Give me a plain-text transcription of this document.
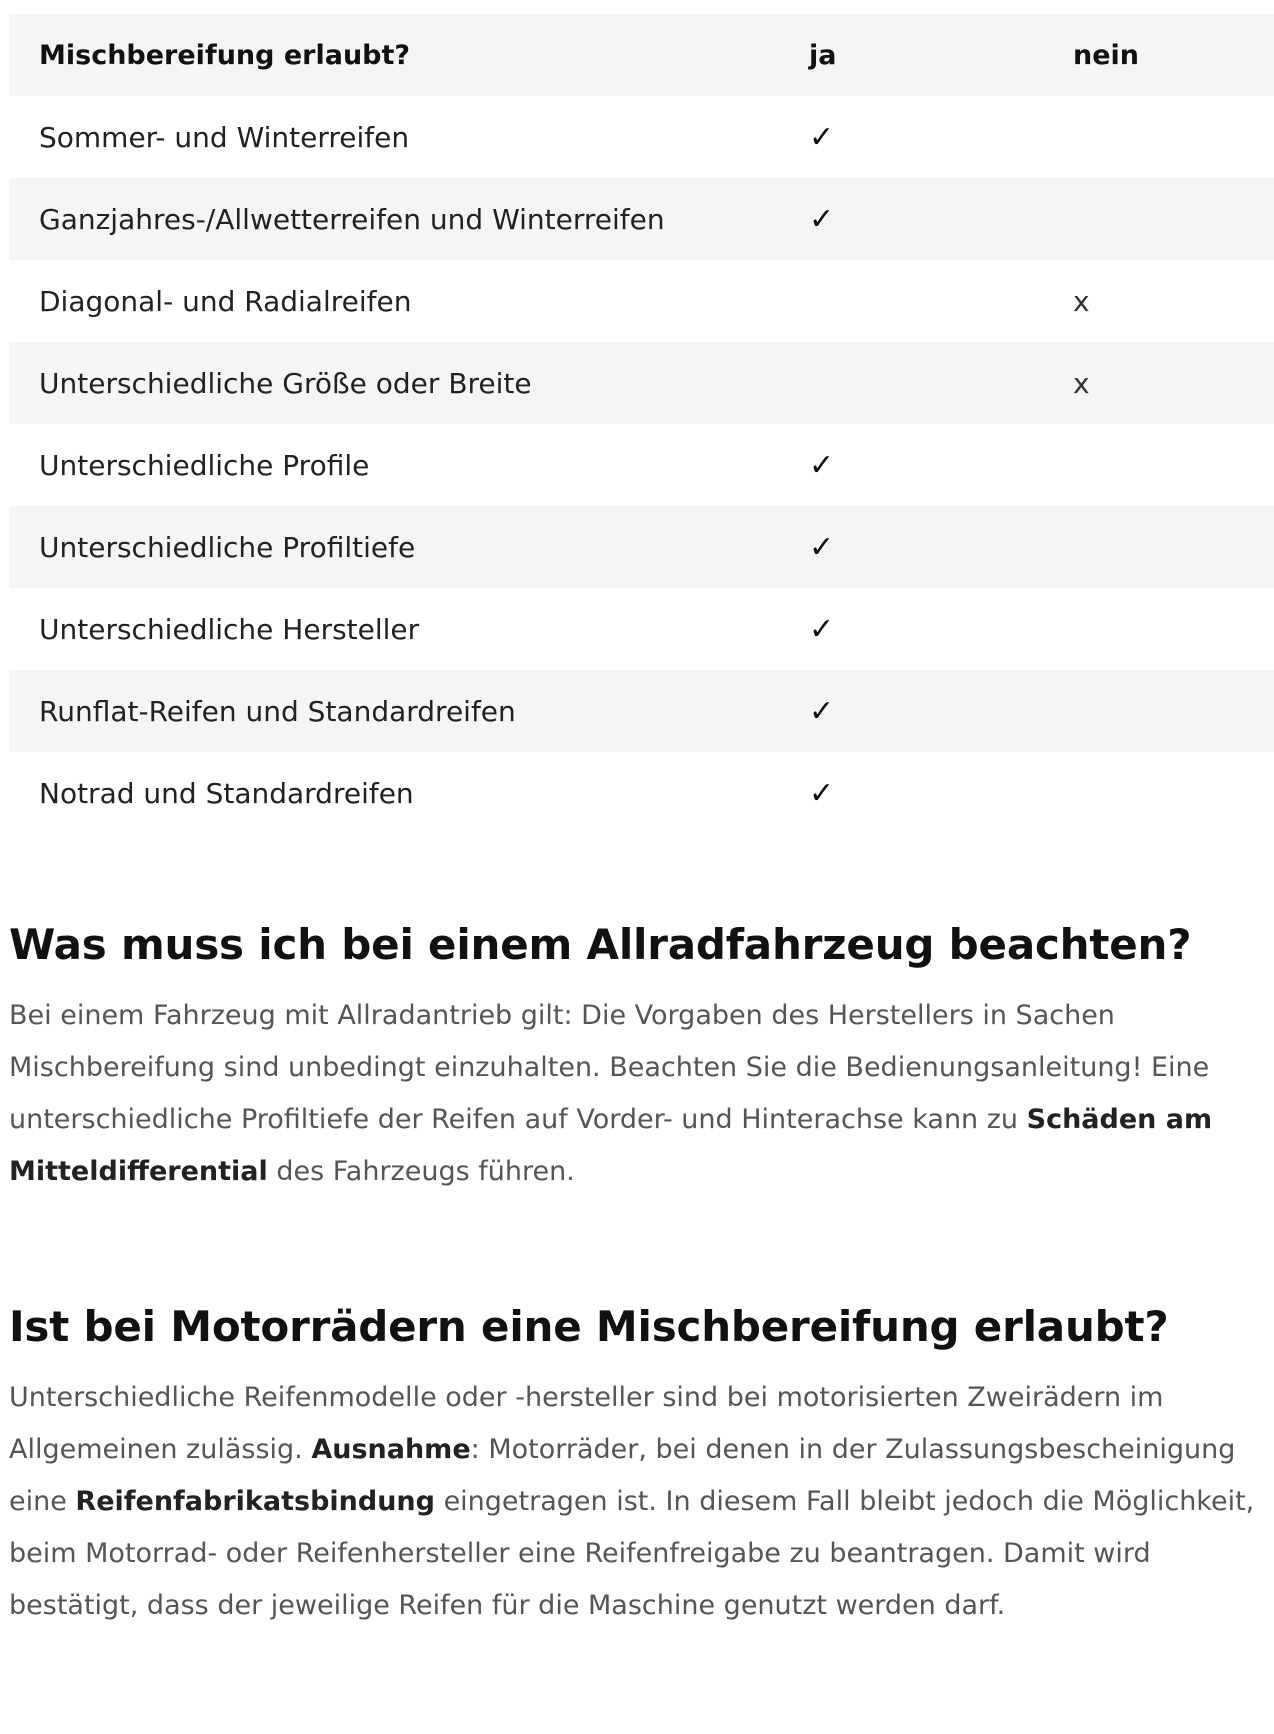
Mischbereifung erlaubt?	ja	nein
Sommer- und Winterreifen	✓	
Ganzjahres-/Allwetterreifen und Winterreifen	✓	
Diagonal- und Radialreifen		x
Unterschiedliche Größe oder Breite		x
Unterschiedliche Profile	✓	
Unterschiedliche Profiltiefe	✓	
Unterschiedliche Hersteller	✓	
Runflat-Reifen und Standardreifen	✓	
Notrad und Standardreifen	✓	
Was muss ich bei einem Allradfahrzeug beachten?

Bei einem Fahrzeug mit Allradantrieb gilt: Die Vorgaben des Herstellers in Sachen Mischbereifung sind unbedingt einzuhalten. Beachten Sie die Bedienungsanleitung! Eine unterschiedliche Profiltiefe der Reifen auf Vorder- und Hinterachse kann zu Schäden am Mitteldifferential des Fahrzeugs führen.

Ist bei Motorrädern eine Mischbereifung erlaubt?

Unterschiedliche Reifenmodelle oder -hersteller sind bei motorisierten Zweirädern im Allgemeinen zulässig. Ausnahme: Motorräder, bei denen in der Zulassungsbescheinigung eine Reifenfabrikatsbindung eingetragen ist. In diesem Fall bleibt jedoch die Möglichkeit, beim Motorrad- oder Reifenhersteller eine Reifenfreigabe zu beantragen. Damit wird bestätigt, dass der jeweilige Reifen für die Maschine genutzt werden darf.
